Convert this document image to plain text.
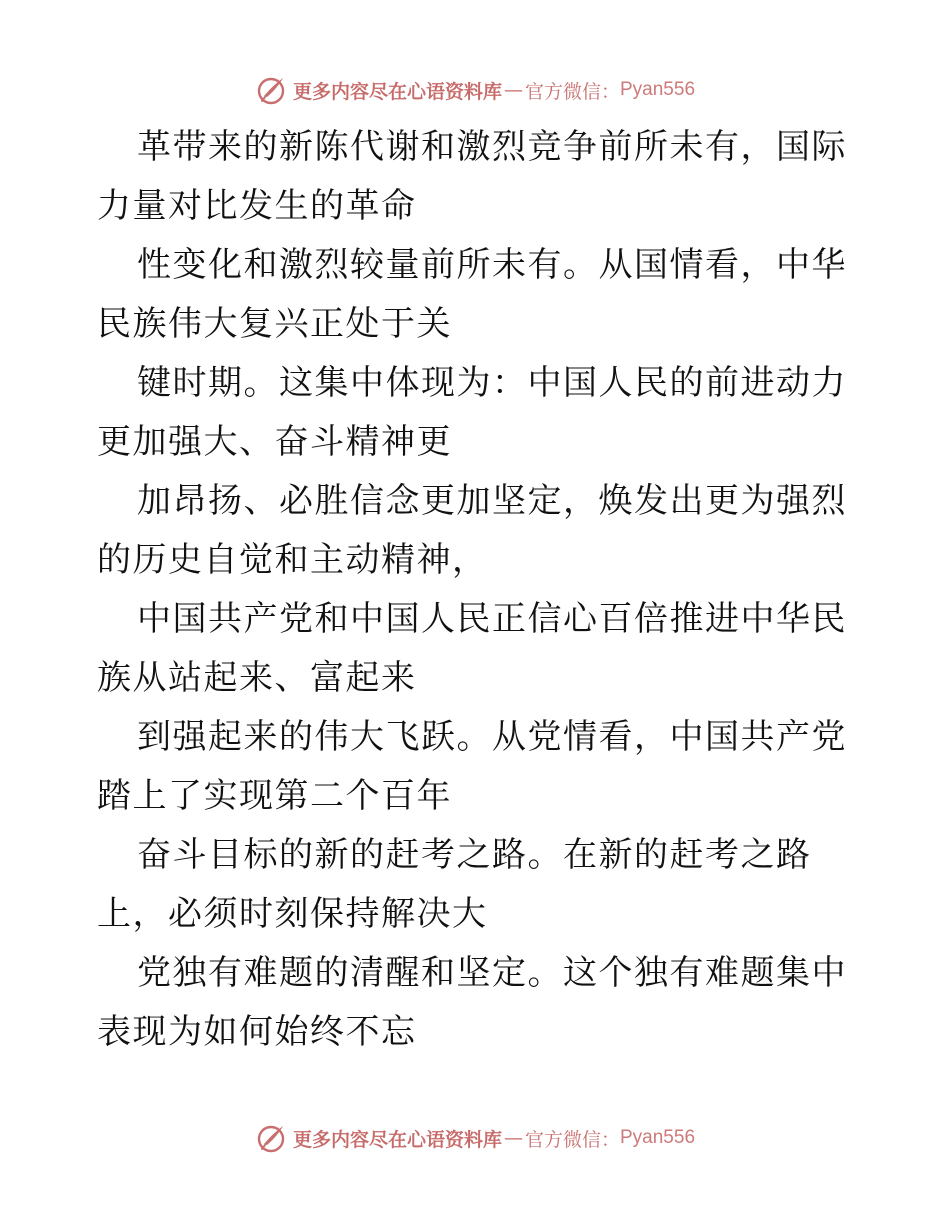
更多内容尽在心语资料库 — 官方微信： Pyan556

革带来的新陈代谢和激烈竞争前所未有，国际力量对比发生的革命

性变化和激烈较量前所未有。从国情看，中华民族伟大复兴正处于关

键时期。这集中体现为：中国人民的前进动力更加强大、奋斗精神更

加昂扬、必胜信念更加坚定，焕发出更为强烈的历史自觉和主动精神，

中国共产党和中国人民正信心百倍推进中华民族从站起来、富起来

到强起来的伟大飞跃。从党情看，中国共产党踏上了实现第二个百年

奋斗目标的新的赶考之路。在新的赶考之路上，必须时刻保持解决大

党独有难题的清醒和坚定。这个独有难题集中表现为如何始终不忘

更多内容尽在心语资料库 — 官方微信： Pyan556
